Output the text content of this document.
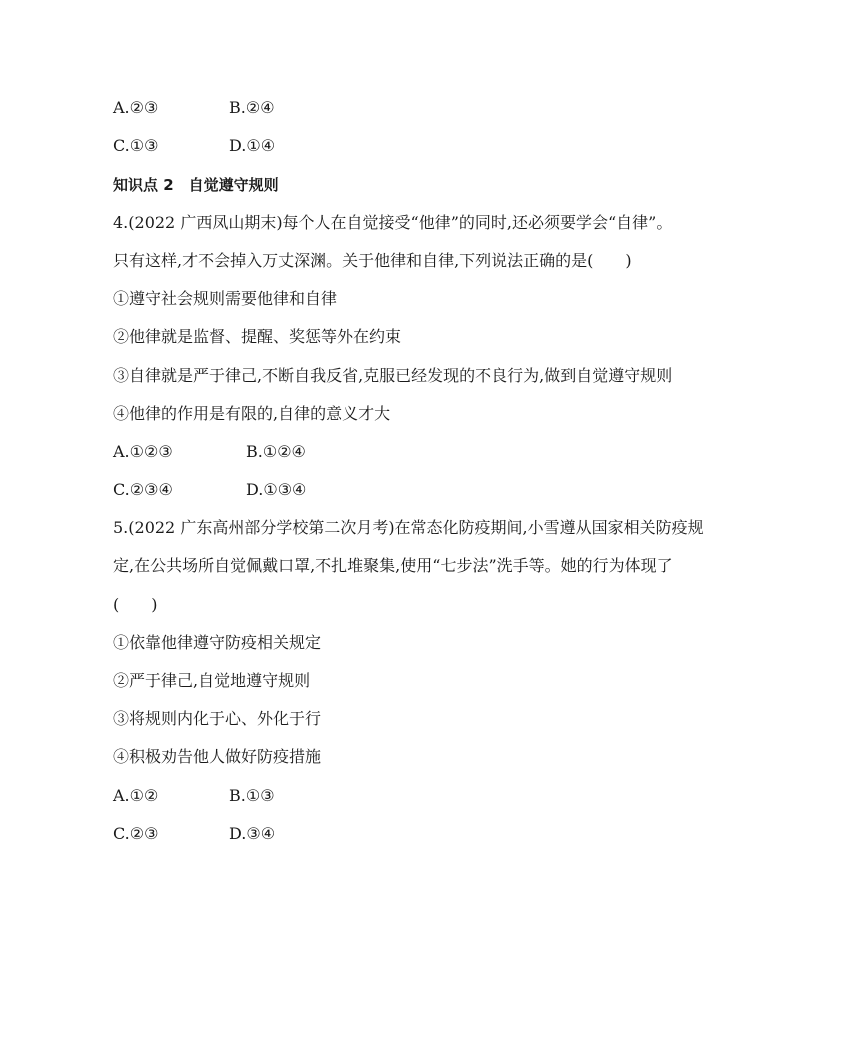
A.②③	B.②④
C.①③	D.①④
知识点 2　自觉遵守规则
4.(2022 广西凤山期末)每个人在自觉接受“他律”的同时,还必须要学会“自律”。
只有这样,才不会掉入万丈深渊。关于他律和自律,下列说法正确的是(　　)
①遵守社会规则需要他律和自律
②他律就是监督、提醒、奖惩等外在约束
③自律就是严于律己,不断自我反省,克服已经发现的不良行为,做到自觉遵守规则
④他律的作用是有限的,自律的意义才大
A.①②③	B.①②④
C.②③④	D.①③④
5.(2022 广东高州部分学校第二次月考)在常态化防疫期间,小雪遵从国家相关防疫规
定,在公共场所自觉佩戴口罩,不扎堆聚集,使用“七步法”洗手等。她的行为体现了
(　　)
①依靠他律遵守防疫相关规定
②严于律己,自觉地遵守规则
③将规则内化于心、外化于行
④积极劝告他人做好防疫措施
A.①②	B.①③
C.②③	D.③④
